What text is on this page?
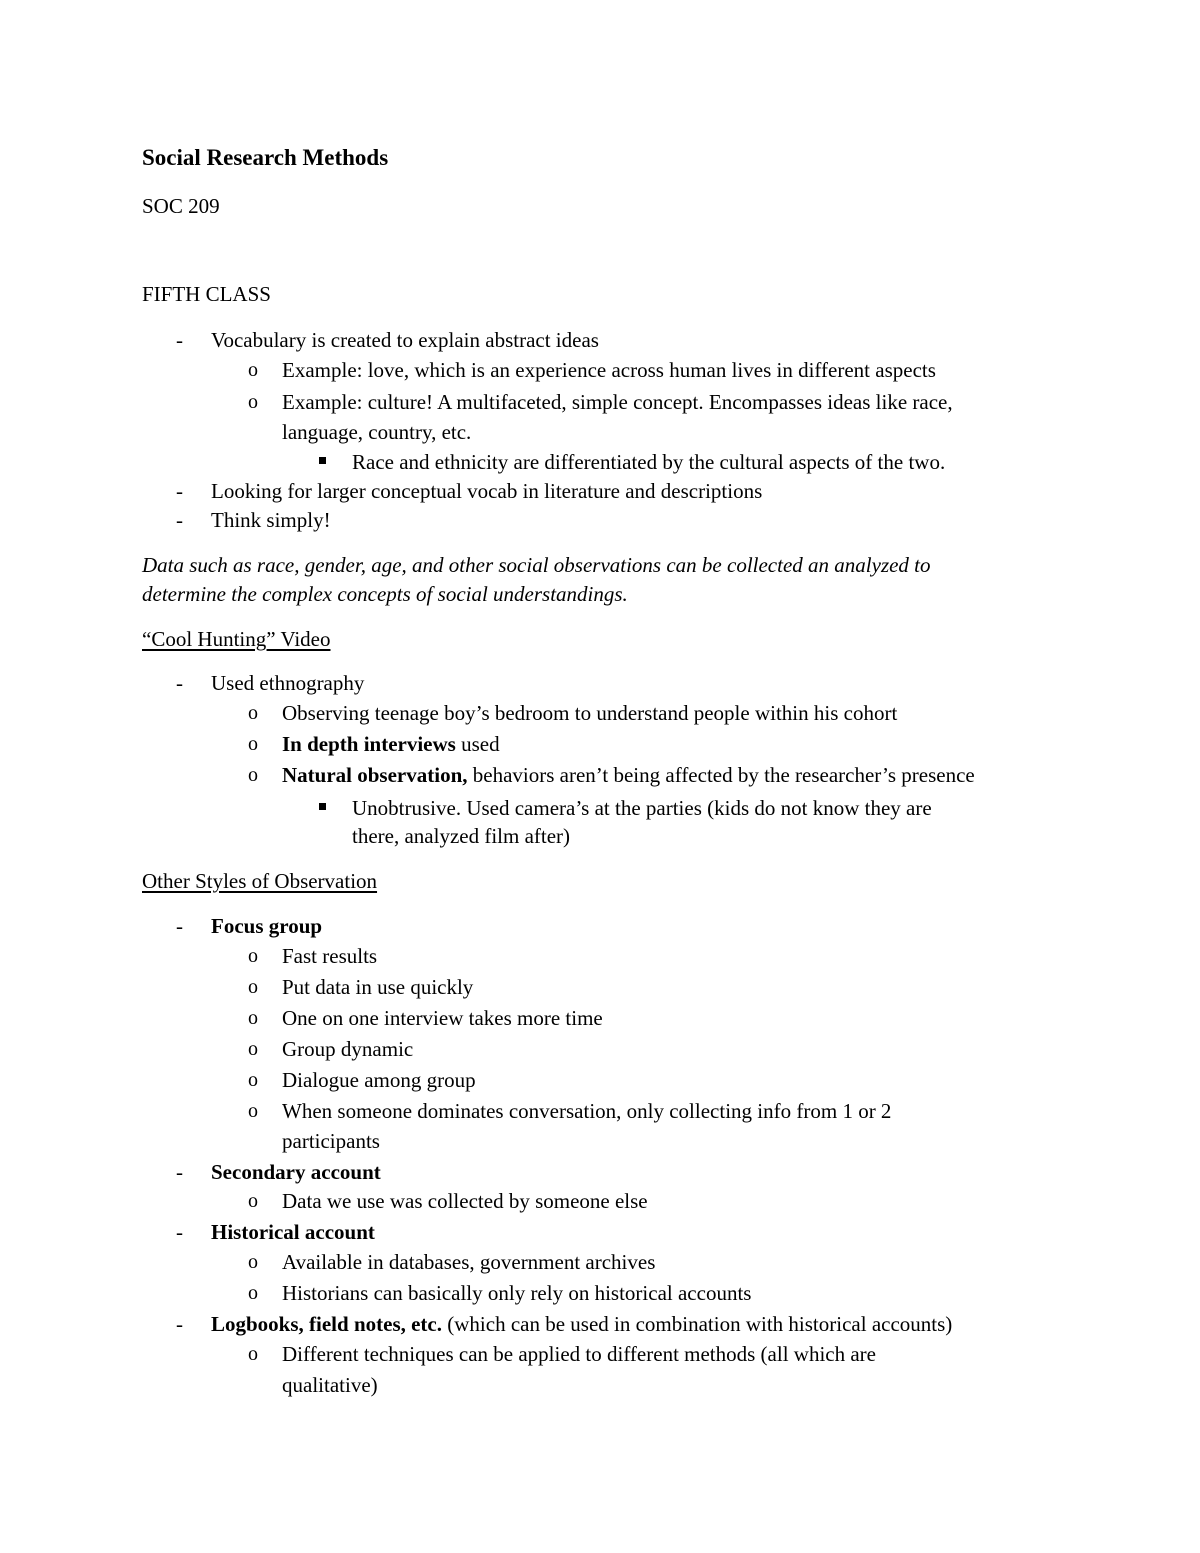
Social Research Methods
SOC 209
FIFTH CLASS
- Vocabulary is created to explain abstract ideas
o Example: love, which is an experience across human lives in different aspects
o Example: culture! A multifaceted, simple concept. Encompasses ideas like race,
language, country, etc.
Race and ethnicity are differentiated by the cultural aspects of the two.
- Looking for larger conceptual vocab in literature and descriptions
- Think simply!
Data such as race, gender, age, and other social observations can be collected an analyzed to
determine the complex concepts of social understandings.
“Cool Hunting” Video
- Used ethnography
o Observing teenage boy’s bedroom to understand people within his cohort
o In depth interviews used
o Natural observation, behaviors aren’t being affected by the researcher’s presence
Unobtrusive. Used camera’s at the parties (kids do not know they are
there, analyzed film after)
Other Styles of Observation
- Focus group
o Fast results
o Put data in use quickly
o One on one interview takes more time
o Group dynamic
o Dialogue among group
o When someone dominates conversation, only collecting info from 1 or 2
participants
- Secondary account
o Data we use was collected by someone else
- Historical account
o Available in databases, government archives
o Historians can basically only rely on historical accounts
- Logbooks, field notes, etc. (which can be used in combination with historical accounts)
o Different techniques can be applied to different methods (all which are
qualitative)
